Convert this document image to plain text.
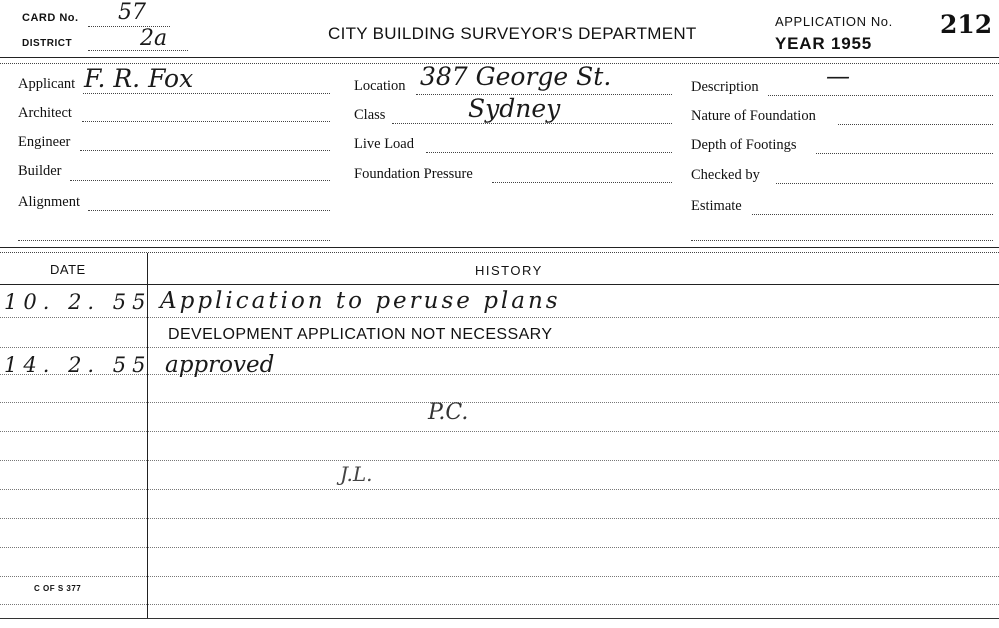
CARD No. 57
DISTRICT	2a	CITY BUILDING SURVEYOR'S DEPARTMENT
APPLICATION No. 212
YEAR 1955
Applicant F. R. Fox
Architect
Engineer
Builder
Alignment
Location 387 George St.
Sydney
Class
Live Load
Foundation Pressure
Description	—
Nature of Foundation
Depth of Footings
Checked by
Estimate
DATE	HISTORY
10. 2. 55 Application to peruse plans
DEVELOPMENT APPLICATION NOT NECESSARY
14. 2. 55 approved
P.C.
J.L.
C OF S 377
